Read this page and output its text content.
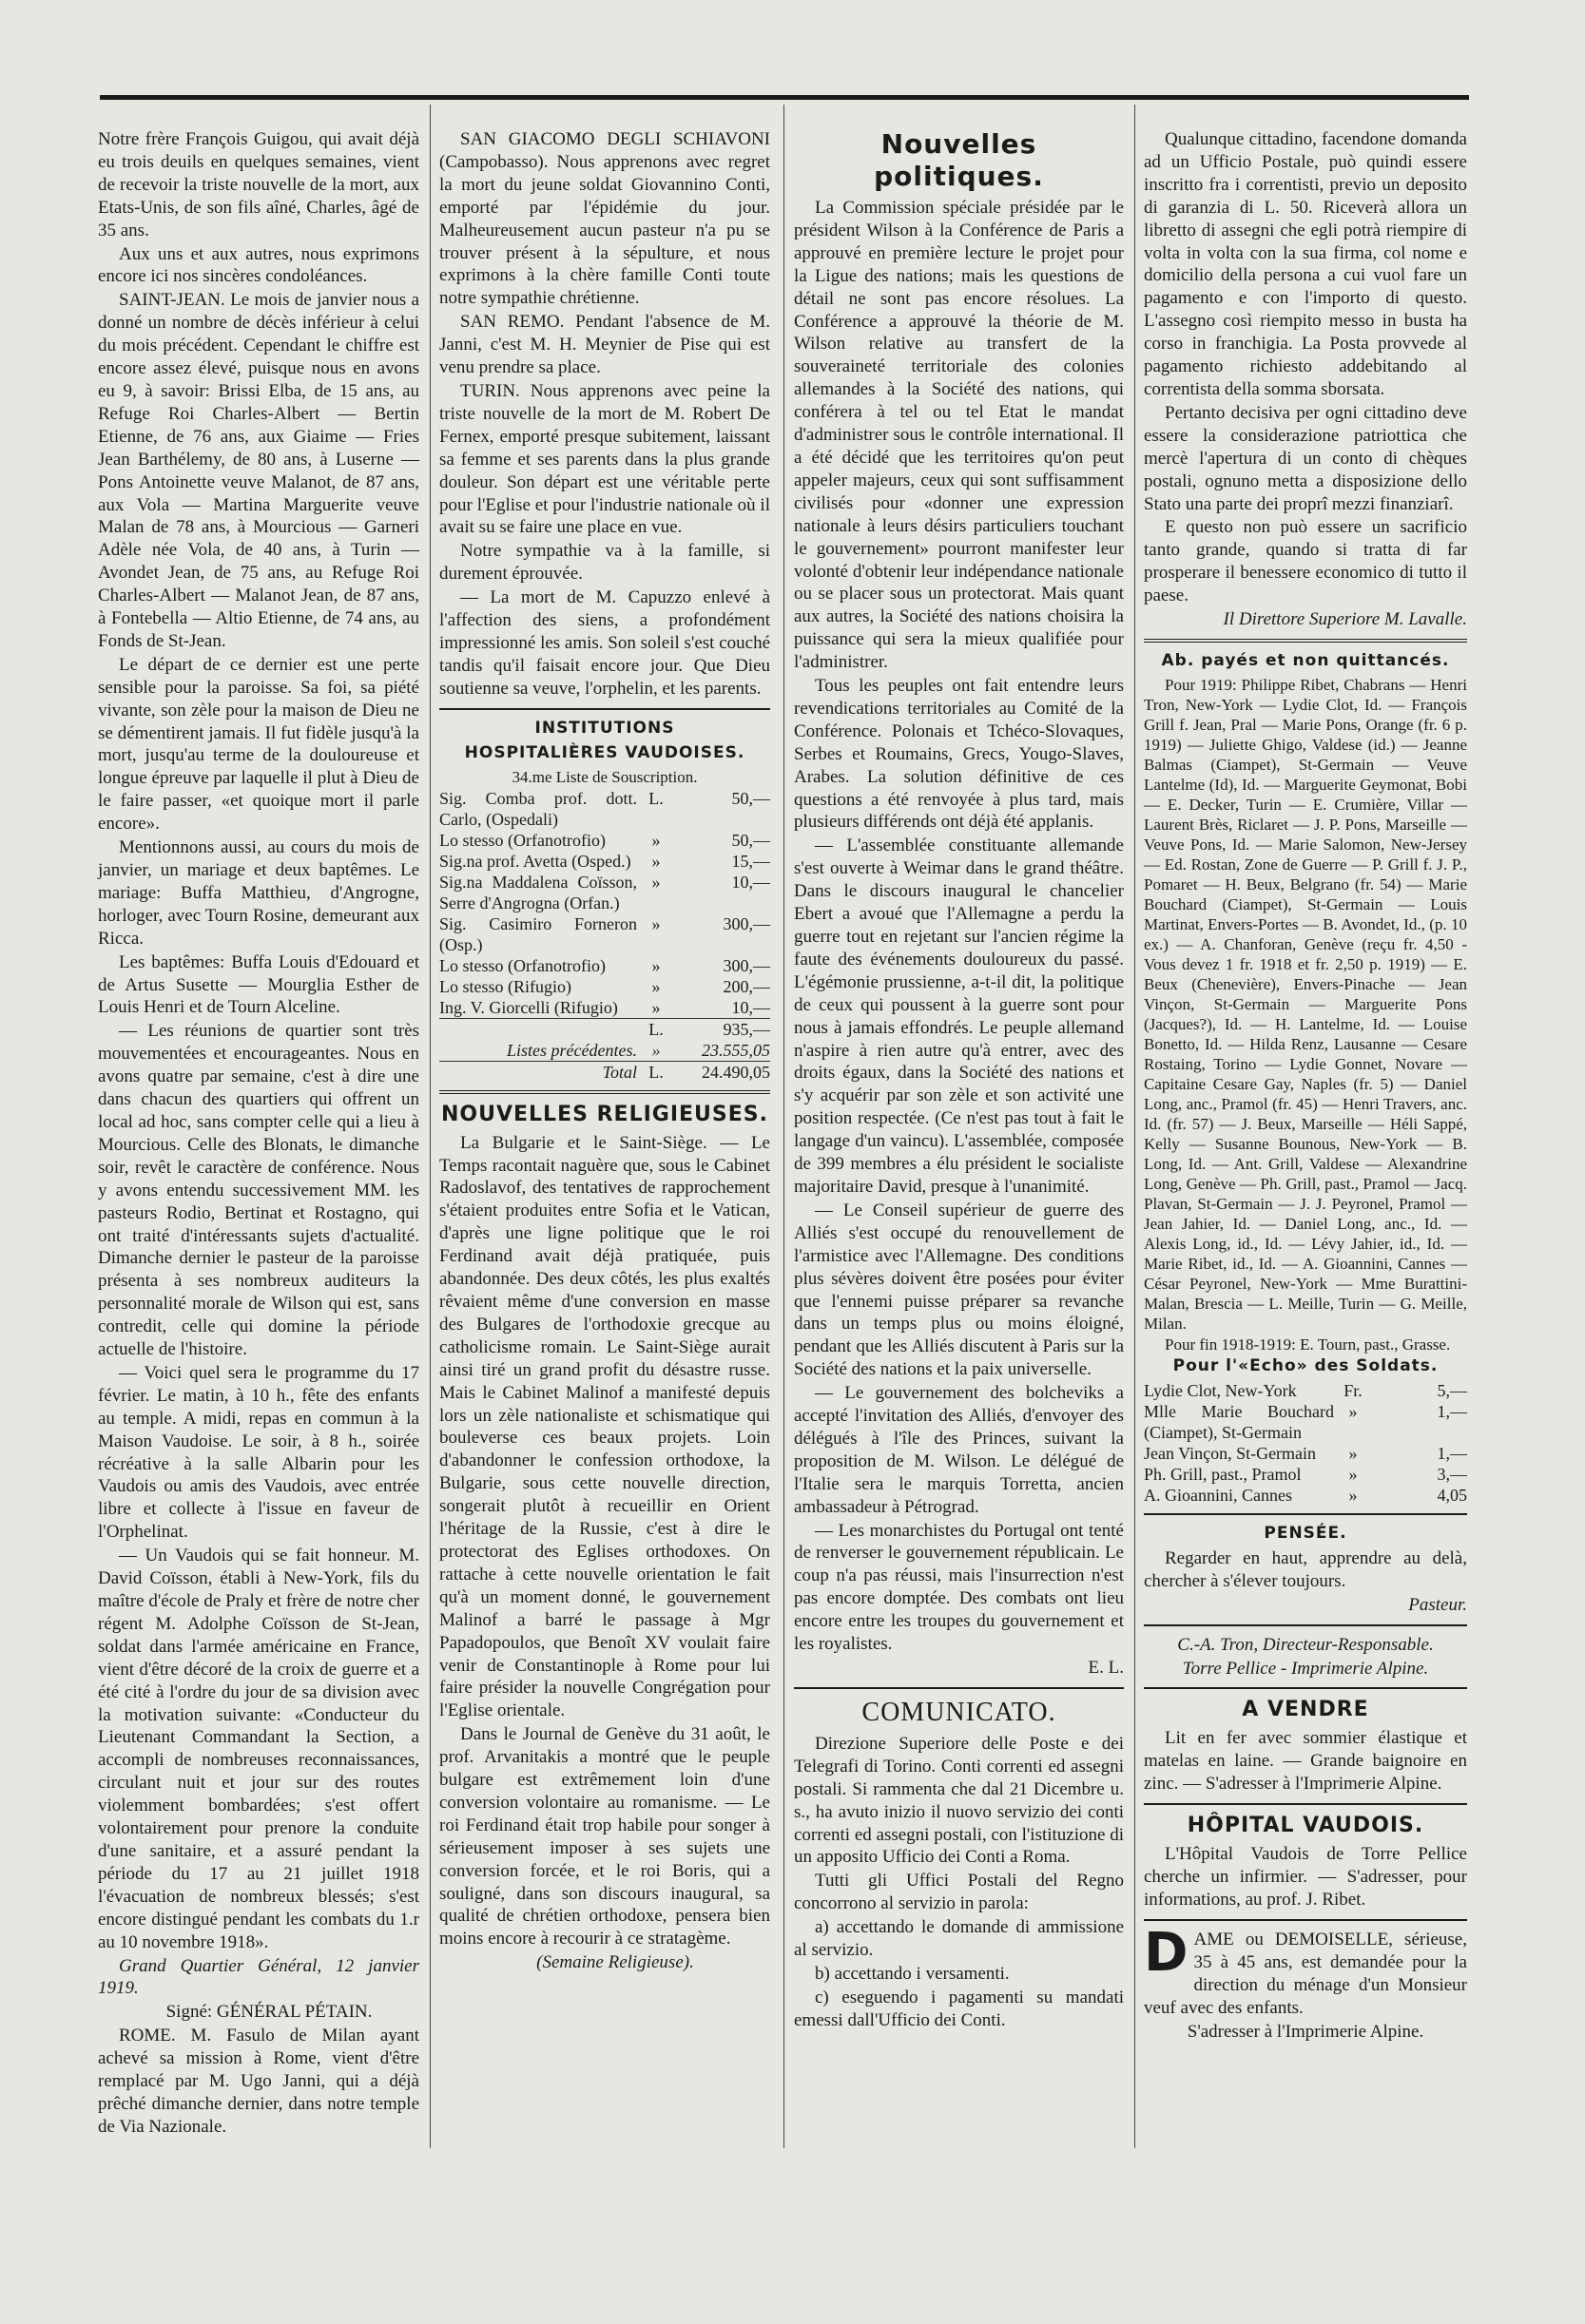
Notre frère François Guigou, qui avait déjà eu trois deuils en quelques semaines, vient de recevoir la triste nouvelle de la mort, aux Etats-Unis, de son fils aîné, Charles, âgé de 35 ans.

Aux uns et aux autres, nous exprimons encore ici nos sincères condoléances.

SAINT-JEAN. Le mois de janvier nous a donné un nombre de décès inférieur à celui du mois précédent. Cependant le chiffre est encore assez élevé, puisque nous en avons eu 9, à savoir: Brissi Elba, de 15 ans, au Refuge Roi Charles-Albert — Bertin Etienne, de 76 ans, aux Giaime — Fries Jean Barthélemy, de 80 ans, à Luserne — Pons Antoinette veuve Malanot, de 87 ans, aux Vola — Martina Marguerite veuve Malan de 78 ans, à Mourcious — Garneri Adèle née Vola, de 40 ans, à Turin — Avondet Jean, de 75 ans, au Refuge Roi Charles-Albert — Malanot Jean, de 87 ans, à Fontebella — Altio Etienne, de 74 ans, au Fonds de St-Jean.

Le départ de ce dernier est une perte sensible pour la paroisse. Sa foi, sa piété vivante, son zèle pour la maison de Dieu ne se démentirent jamais. Il fut fidèle jusqu'à la mort, jusqu'au terme de la douloureuse et longue épreuve par laquelle il plut à Dieu de le faire passer, «et quoique mort il parle encore».

Mentionnons aussi, au cours du mois de janvier, un mariage et deux baptêmes. Le mariage: Buffa Matthieu, d'Angrogne, horloger, avec Tourn Rosine, demeurant aux Ricca.

Les baptêmes: Buffa Louis d'Edouard et de Artus Susette — Mourglia Esther de Louis Henri et de Tourn Alceline.

— Les réunions de quartier sont très mouvementées et encourageantes. Nous en avons quatre par semaine, c'est à dire une dans chacun des quartiers qui offrent un local ad hoc, sans compter celle qui a lieu à Mourcious. Celle des Blonats, le dimanche soir, revêt le caractère de conférence. Nous y avons entendu successivement MM. les pasteurs Rodio, Bertinat et Rostagno, qui ont traité d'intéressants sujets d'actualité. Dimanche dernier le pasteur de la paroisse présenta à ses nombreux auditeurs la personnalité morale de Wilson qui est, sans contredit, celle qui domine la période actuelle de l'histoire.

— Voici quel sera le programme du 17 février. Le matin, à 10 h., fête des enfants au temple. A midi, repas en commun à la Maison Vaudoise. Le soir, à 8 h., soirée récréative à la salle Albarin pour les Vaudois ou amis des Vaudois, avec entrée libre et collecte à l'issue en faveur de l'Orphelinat.

— Un Vaudois qui se fait honneur. M. David Coïsson, établi à New-York, fils du maître d'école de Praly et frère de notre cher régent M. Adolphe Coïsson de St-Jean, soldat dans l'armée américaine en France, vient d'être décoré de la croix de guerre et a été cité à l'ordre du jour de sa division avec la motivation suivante: «Conducteur du Lieutenant Commandant la Section, a accompli de nombreuses reconnaissances, circulant nuit et jour sur des routes violemment bombardées; s'est offert volontairement pour prenore la conduite d'une sanitaire, et a assuré pendant la période du 17 au 21 juillet 1918 l'évacuation de nombreux blessés; s'est encore distingué pendant les combats du 1.r au 10 novembre 1918».

Grand Quartier Général, 12 janvier 1919.

Signé: GÉNÉRAL PÉTAIN.

ROME. M. Fasulo de Milan ayant achevé sa mission à Rome, vient d'être remplacé par M. Ugo Janni, qui a déjà prêché dimanche dernier, dans notre temple de Via Nazionale.

SAN GIACOMO DEGLI SCHIAVONI (Campobasso). Nous apprenons avec regret la mort du jeune soldat Giovannino Conti, emporté par l'épidémie du jour. Malheureusement aucun pasteur n'a pu se trouver présent à la sépulture, et nous exprimons à la chère famille Conti toute notre sympathie chrétienne.

SAN REMO. Pendant l'absence de M. Janni, c'est M. H. Meynier de Pise qui est venu prendre sa place.

TURIN. Nous apprenons avec peine la triste nouvelle de la mort de M. Robert De Fernex, emporté presque subitement, laissant sa femme et ses parents dans la plus grande douleur. Son départ est une véritable perte pour l'Eglise et pour l'industrie nationale où il avait su se faire une place en vue.

Notre sympathie va à la famille, si durement éprouvée.

— La mort de M. Capuzzo enlevé à l'affection des siens, a profondément impressionné les amis. Son soleil s'est couché tandis qu'il faisait encore jour. Que Dieu soutienne sa veuve, l'orphelin, et les parents.

INSTITUTIONS
HOSPITALIÈRES VAUDOISES.

34.me Liste de Souscription.

Sig. Comba prof. dott. Carlo, (Ospedali)
L.	50,—
Lo stesso (Orfanotrofio)	»	50,—
Sig.na prof. Avetta (Osped.)	»	15,—
Sig.na Maddalena Coïsson, Serre d'Angrogna (Orfan.)
»	10,—
Sig. Casimiro Forneron (Osp.)
»	300,—
Lo stesso (Orfanotrofio)	»	300,—
Lo stesso (Rifugio)	»	200,—
Ing. V. Giorcelli (Rifugio)	»	10,—
L.	935,—
Listes précédentes. »	23.555,05
Total L.	24.490,05
NOUVELLES RELIGIEUSES.

La Bulgarie et le Saint-Siège. — Le Temps racontait naguère que, sous le Cabinet Radoslavof, des tentatives de rapprochement s'étaient produites entre Sofia et le Vatican, d'après une ligne politique que le roi Ferdinand avait déjà pratiquée, puis abandonnée. Des deux côtés, les plus exaltés rêvaient même d'une conversion en masse des Bulgares de l'orthodoxie grecque au catholicisme romain. Le Saint-Siège aurait ainsi tiré un grand profit du désastre russe. Mais le Cabinet Malinof a manifesté depuis lors un zèle nationaliste et schismatique qui bouleverse ces beaux projets. Loin d'abandonner le confession orthodoxe, la Bulgarie, sous cette nouvelle direction, songerait plutôt à recueillir en Orient l'héritage de la Russie, c'est à dire le protectorat des Eglises orthodoxes. On rattache à cette nouvelle orientation le fait qu'à un moment donné, le gouvernement Malinof a barré le passage à Mgr Papadopoulos, que Benoît XV voulait faire venir de Constantinople à Rome pour lui faire présider la nouvelle Congrégation pour l'Eglise orientale.

Dans le Journal de Genève du 31 août, le prof. Arvanitakis a montré que le peuple bulgare est extrêmement loin d'une conversion volontaire au romanisme. — Le roi Ferdinand était trop habile pour songer à sérieusement imposer à ses sujets une conversion forcée, et le roi Boris, qui a souligné, dans son discours inaugural, sa qualité de chrétien orthodoxe, pensera bien moins encore à recourir à ce stratagème.

(Semaine Religieuse).

Nouvelles politiques.

La Commission spéciale présidée par le président Wilson à la Conférence de Paris a approuvé en première lecture le projet pour la Ligue des nations; mais les questions de détail ne sont pas encore résolues. La Conférence a approuvé la théorie de M. Wilson relative au transfert de la souveraineté territoriale des colonies allemandes à la Société des nations, qui conférera à tel ou tel Etat le mandat d'administrer sous le contrôle international. Il a été décidé que les territoires qu'on peut appeler majeurs, ceux qui sont suffisamment civilisés pour «donner une expression nationale à leurs désirs particuliers touchant le gouvernement» pourront manifester leur volonté d'obtenir leur indépendance nationale ou se placer sous un protectorat. Mais quant aux autres, la Société des nations choisira la puissance qui sera la mieux qualifiée pour l'administrer.

Tous les peuples ont fait entendre leurs revendications territoriales au Comité de la Conférence. Polonais et Tchéco-Slovaques, Serbes et Roumains, Grecs, Yougo-Slaves, Arabes. La solution définitive de ces questions a été renvoyée à plus tard, mais plusieurs différends ont déjà été applanis.

— L'assemblée constituante allemande s'est ouverte à Weimar dans le grand théâtre. Dans le discours inaugural le chancelier Ebert a avoué que l'Allemagne a perdu la guerre tout en rejetant sur l'ancien régime la faute des événements douloureux du passé. L'égémonie prussienne, a-t-il dit, la politique de ceux qui poussent à la guerre sont pour nous à jamais effondrés. Le peuple allemand n'aspire à rien autre qu'à entrer, avec des droits égaux, dans la Société des nations et s'y acquérir par son zèle et son activité une position respectée. (Ce n'est pas tout à fait le langage d'un vaincu). L'assemblée, composée de 399 membres a élu président le socialiste majoritaire David, presque à l'unanimité.

— Le Conseil supérieur de guerre des Alliés s'est occupé du renouvellement de l'armistice avec l'Allemagne. Des conditions plus sévères doivent être posées pour éviter que l'ennemi puisse préparer sa revanche dans un temps plus ou moins éloigné, pendant que les Alliés discutent à Paris sur la Société des nations et la paix universelle.

— Le gouvernement des bolcheviks a accepté l'invitation des Alliés, d'envoyer des délégués à l'île des Princes, suivant la proposition de M. Wilson. Le délégué de l'Italie sera le marquis Torretta, ancien ambassadeur à Pétrograd.

— Les monarchistes du Portugal ont tenté de renverser le gouvernement républicain. Le coup n'a pas réussi, mais l'insurrection n'est pas encore domptée. Des combats ont lieu encore entre les troupes du gouvernement et les royalistes.

E. L.

COMUNICATO.

Direzione Superiore delle Poste e dei Telegrafi di Torino. Conti correnti ed assegni postali. Si rammenta che dal 21 Dicembre u. s., ha avuto inizio il nuovo servizio dei conti correnti ed assegni postali, con l'istituzione di un apposito Ufficio dei Conti a Roma.

Tutti gli Uffici Postali del Regno concorrono al servizio in parola:

a) accettando le domande di ammissione al servizio.

b) accettando i versamenti.

c) eseguendo i pagamenti su mandati emessi dall'Ufficio dei Conti.

Qualunque cittadino, facendone domanda ad un Ufficio Postale, può quindi essere inscritto fra i correntisti, previo un deposito di garanzia di L. 50. Riceverà allora un libretto di assegni che egli potrà riempire di volta in volta con la sua firma, col nome e domicilio della persona a cui vuol fare un pagamento e con l'importo di questo. L'assegno così riempito messo in busta ha corso in franchigia. La Posta provvede al pagamento richiesto addebitando al correntista della somma sborsata.

Pertanto decisiva per ogni cittadino deve essere la considerazione patriottica che mercè l'apertura di un conto di chèques postali, ognuno metta a disposizione dello Stato una parte dei proprî mezzi finanziarî.

E questo non può essere un sacrificio tanto grande, quando si tratta di far prosperare il benessere economico di tutto il paese.

Il Direttore Superiore M. Lavalle.

Ab. payés et non quittancés.

Pour 1919: Philippe Ribet, Chabrans — Henri Tron, New-York — Lydie Clot, Id. — François Grill f. Jean, Pral — Marie Pons, Orange (fr. 6 p. 1919) — Juliette Ghigo, Valdese (id.) — Jeanne Balmas (Ciampet), St-Germain — Veuve Lantelme (Id), Id. — Marguerite Geymonat, Bobi — E. Decker, Turin — E. Crumière, Villar — Laurent Brès, Riclaret — J. P. Pons, Marseille — Veuve Pons, Id. — Marie Salomon, New-Jersey — Ed. Rostan, Zone de Guerre — P. Grill f. J. P., Pomaret — H. Beux, Belgrano (fr. 54) — Marie Bouchard (Ciampet), St-Germain — Louis Martinat, Envers-Portes — B. Avondet, Id., (p. 10 ex.) — A. Chanforan, Genève (reçu fr. 4,50 - Vous devez 1 fr. 1918 et fr. 2,50 p. 1919) — E. Beux (Chenevière), Envers-Pinache — Jean Vinçon, St-Germain — Marguerite Pons (Jacques?), Id. — H. Lantelme, Id. — Louise Bonetto, Id. — Hilda Renz, Lausanne — Cesare Rostaing, Torino — Lydie Gonnet, Novare — Capitaine Cesare Gay, Naples (fr. 5) — Daniel Long, anc., Pramol (fr. 45) — Henri Travers, anc. Id. (fr. 57) — J. Beux, Marseille — Héli Sappé, Kelly — Susanne Bounous, New-York — B. Long, Id. — Ant. Grill, Valdese — Alexandrine Long, Genève — Ph. Grill, past., Pramol — Jacq. Plavan, St-Germain — J. J. Peyronel, Pramol — Jean Jahier, Id. — Daniel Long, anc., Id. — Alexis Long, id., Id. — Lévy Jahier, id., Id. — Marie Ribet, id., Id. — A. Gioannini, Cannes — César Peyronel, New-York — Mme Burattini-Malan, Brescia — L. Meille, Turin — G. Meille, Milan.

Pour fin 1918-1919: E. Tourn, past., Grasse.

Pour l'«Echo» des Soldats.
Lydie Clot, New-York	Fr.	5,—
Mlle Marie Bouchard (Ciampet), St-Germain
»	1,—
Jean Vinçon, St-Germain	»	1,—
Ph. Grill, past., Pramol	»	3,—
A. Gioannini, Cannes	»	4,05
PENSÉE.

Regarder en haut, apprendre au delà, chercher à s'élever toujours.

Pasteur.

C.-A. Tron, Directeur-Responsable.

Torre Pellice - Imprimerie Alpine.

A VENDRE

Lit en fer avec sommier élastique et matelas en laine. — Grande baignoire en zinc. — S'adresser à l'Imprimerie Alpine.

HÔPITAL VAUDOIS.

L'Hôpital Vaudois de Torre Pellice cherche un infirmier. — S'adresser, pour informations, au prof. J. Ribet.

DAME ou DEMOISELLE, sérieuse, 35 à 45 ans, est demandée pour la direction du ménage d'un Monsieur veuf avec des enfants.

S'adresser à l'Imprimerie Alpine.
